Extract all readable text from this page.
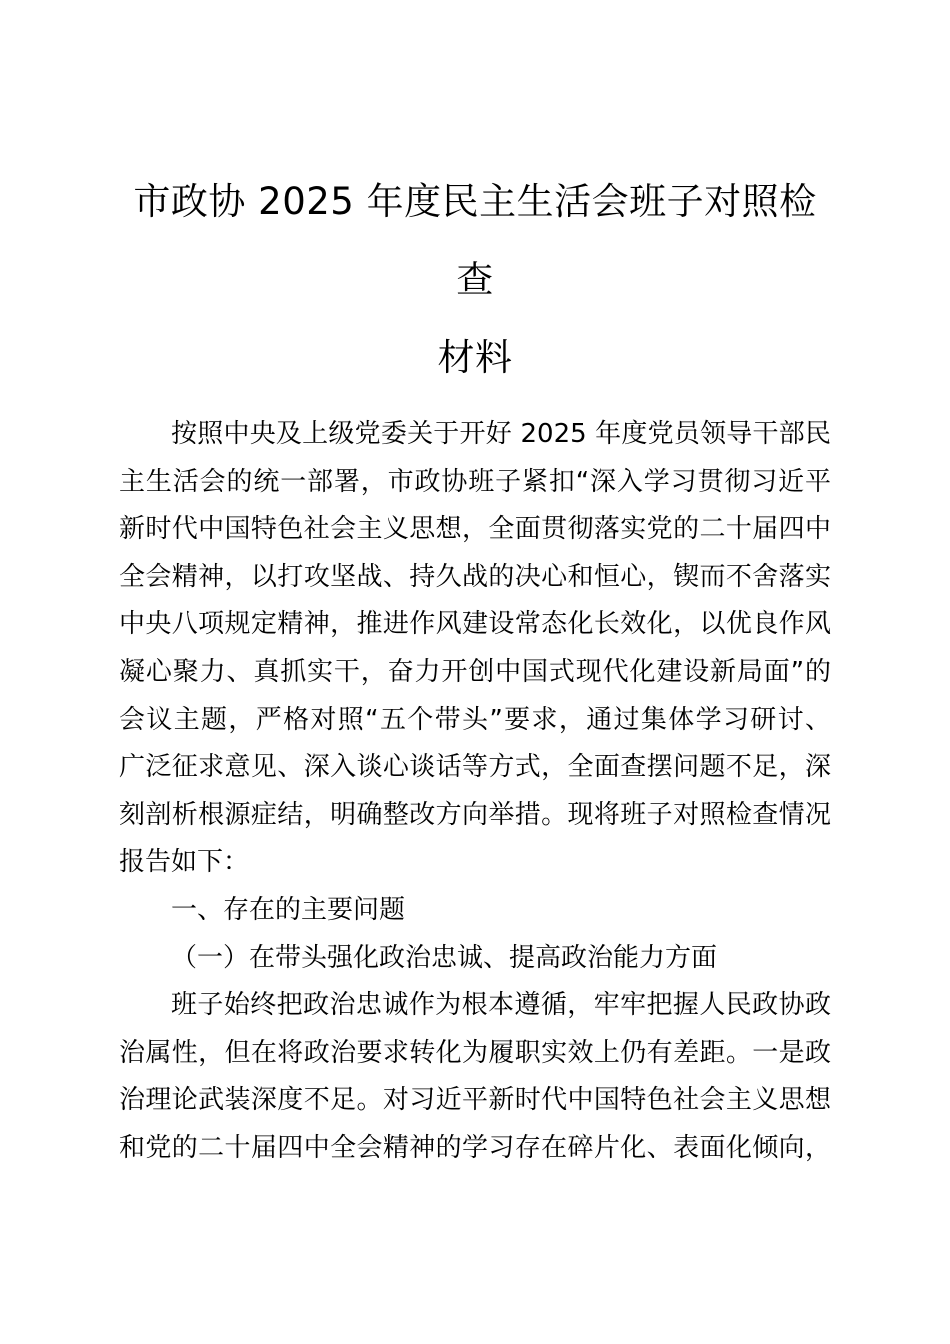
市政协 2025 年度民主生活会班子对照检查
材料
按照中央及上级党委关于开好 2025 年度党员领导干部民
主生活会的统一部署，市政协班子紧扣“深入学习贯彻习近平
新时代中国特色社会主义思想，全面贯彻落实党的二十届四中
全会精神，以打攻坚战、持久战的决心和恒心，锲而不舍落实
中央八项规定精神，推进作风建设常态化长效化，以优良作风
凝心聚力、真抓实干，奋力开创中国式现代化建设新局面”的
会议主题，严格对照“五个带头”要求，通过集体学习研讨、
广泛征求意见、深入谈心谈话等方式，全面查摆问题不足，深
刻剖析根源症结，明确整改方向举措。现将班子对照检查情况
报告如下：
一、存在的主要问题
（一）在带头强化政治忠诚、提高政治能力方面
班子始终把政治忠诚作为根本遵循，牢牢把握人民政协政
治属性，但在将政治要求转化为履职实效上仍有差距。一是政
治理论武装深度不足。对习近平新时代中国特色社会主义思想
和党的二十届四中全会精神的学习存在碎片化、表面化倾向，
